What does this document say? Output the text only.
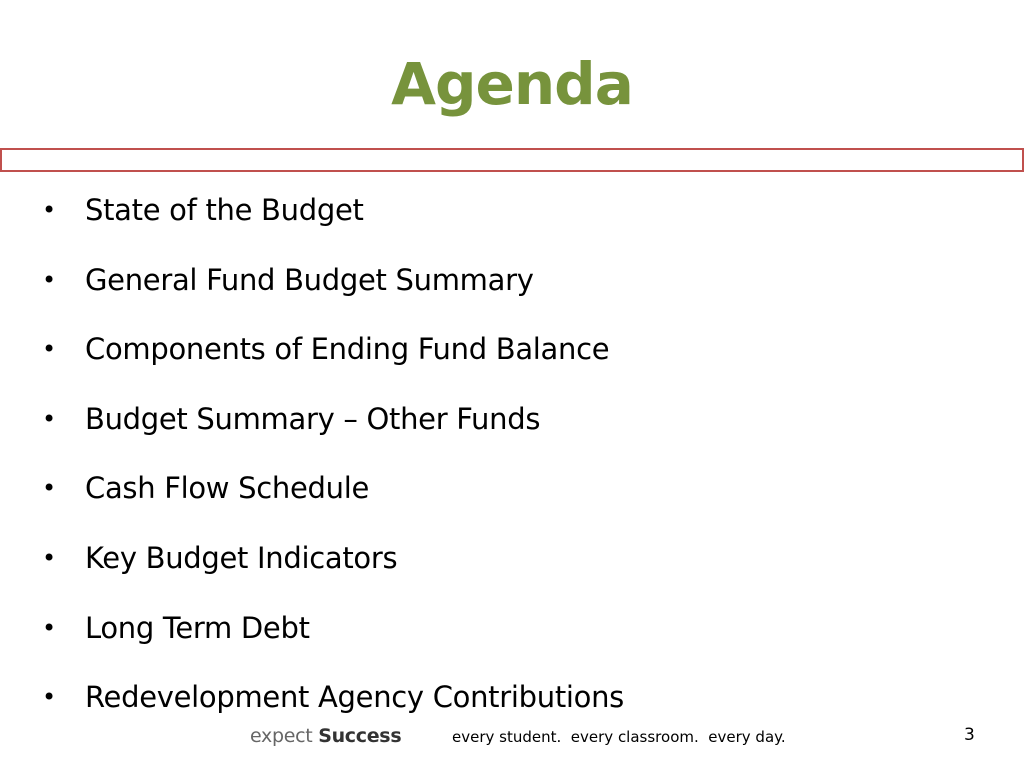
Agenda
• State of the Budget
• General Fund Budget Summary
• Components of Ending Fund Balance
• Budget Summary – Other Funds
• Cash Flow Schedule
• Key Budget Indicators
• Long Term Debt
• Redevelopment Agency Contributions
expect Success	every student.  every classroom.  every day.	3
